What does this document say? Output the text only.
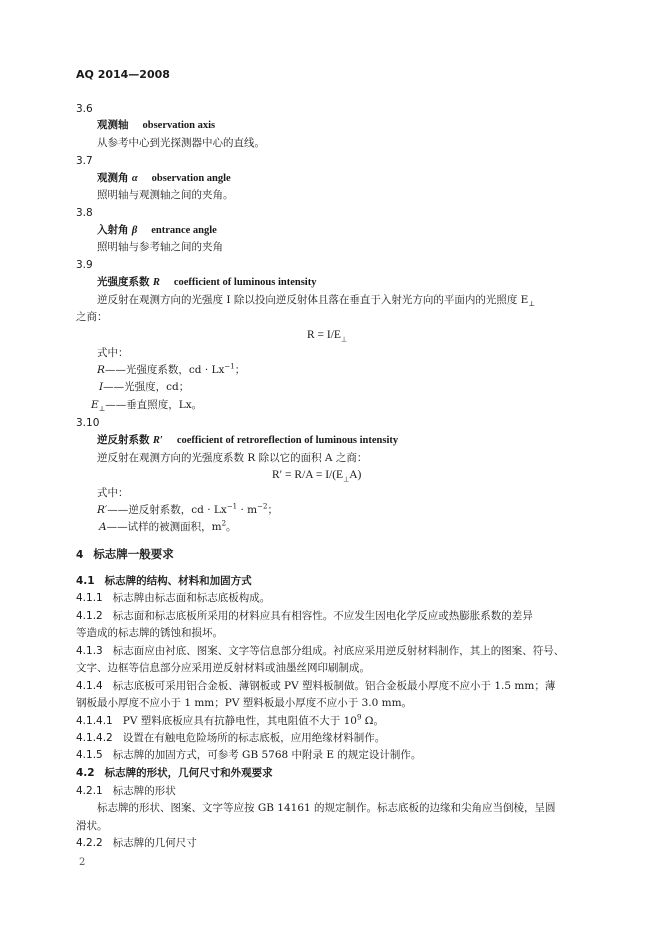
AQ 2014—2008
3.6
观测轴 observation axis
从参考中心到光探测器中心的直线。
3.7
观测角 α observation angle
照明轴与观测轴之间的夹角。
3.8
入射角 β entrance angle
照明轴与参考轴之间的夹角
3.9
光强度系数 R coefficient of luminous intensity
逆反射在观测方向的光强度 I 除以投向逆反射体且落在垂直于入射光方向的平面内的光照度 $E_\perp$
之商：
$R = I/E_\perp$
式中：
R——光强度系数，cd · $Lx^{-1}$；
I——光强度，cd；
$E_\perp——$垂直照度，Lx。
3.10
逆反射系数 R′ coefficient of retroreflection of luminous intensity
逆反射在观测方向的光强度系数 R 除以它的面积 A 之商：
$R' = R/A = I/(E_\perp A)$
式中：
R′——逆反射系数，cd · $Lx^{-1} \cdot m^{-2}$；
A——试样的被测面积，$m^2$。
4 标志牌一般要求
4.1 标志牌的结构、材料和加固方式
4.1.1 标志牌由标志面和标志底板构成。
4.1.2 标志面和标志底板所采用的材料应具有相容性。不应发生因电化学反应或热膨胀系数的差异
等造成的标志牌的锈蚀和损坏。
4.1.3 标志面应由衬底、图案、文字等信息部分组成。衬底应采用逆反射材料制作，其上的图案、符号、
文字、边框等信息部分应采用逆反射材料或油墨丝网印刷制成。
4.1.4 标志底板可采用铝合金板、薄钢板或 PV 塑料板制做。铝合金板最小厚度不应小于 1.5 mm；薄
钢板最小厚度不应小于 1 mm；PV 塑料板最小厚度不应小于 3.0 mm。
4.1.4.1 PV 塑料底板应具有抗静电性，其电阻值不大于 $10^9$ Ω。
4.1.4.2 设置在有触电危险场所的标志底板，应用绝缘材料制作。
4.1.5 标志牌的加固方式，可参考 GB 5768 中附录 E 的规定设计制作。
4.2 标志牌的形状，几何尺寸和外观要求
4.2.1 标志牌的形状
标志牌的形状、图案、文字等应按 GB 14161 的规定制作。标志底板的边缘和尖角应当倒棱，呈圆
滑状。
4.2.2 标志牌的几何尺寸
2
